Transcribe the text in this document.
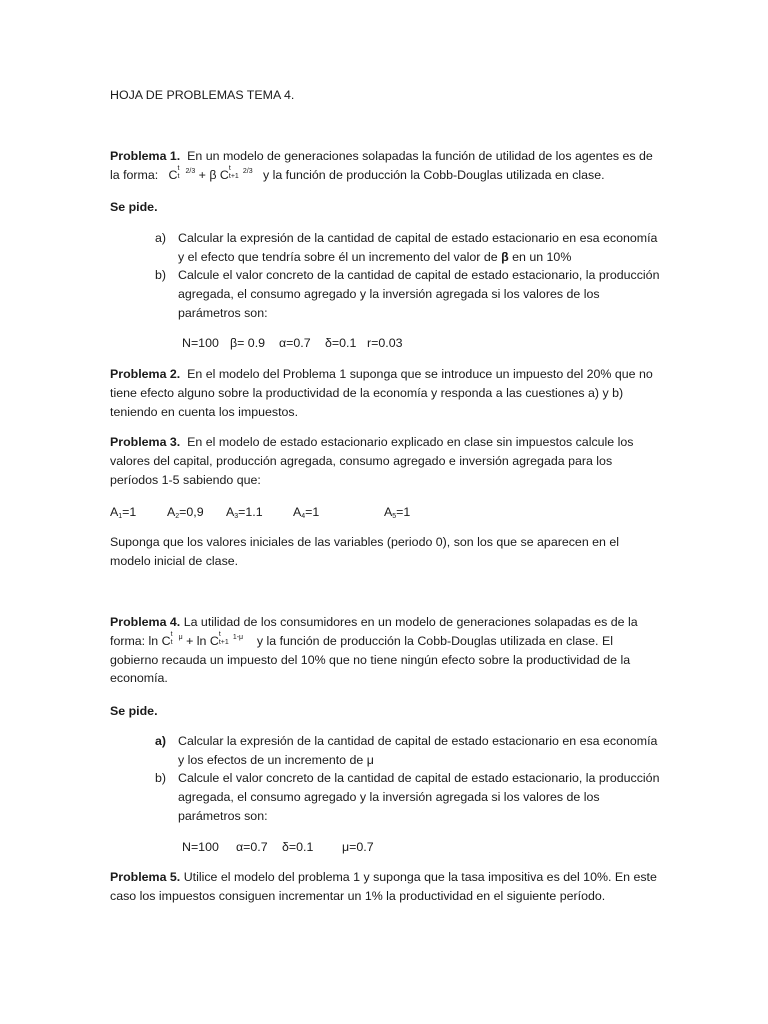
HOJA DE PROBLEMAS TEMA 4.

Problema 1. En un modelo de generaciones solapadas la función de utilidad de los agentes es de la forma: C t
t
$^{2/3}$ + β C t
t+1
$^{2/3}$ y la función de producción la Cobb-Douglas utilizada en clase.

Se pide.

a) Calcular la expresión de la cantidad de capital de estado estacionario en esa economía y el efecto que tendría sobre él un incremento del valor de β en un 10%
b) Calcule el valor concreto de la cantidad de capital de estado estacionario, la producción agregada, el consumo agregado y la inversión agregada si los valores de los parámetros son:
N=100 β= 0.9 α=0.7 δ=0.1 r=0.03

Problema 2. En el modelo del Problema 1 suponga que se introduce un impuesto del 20% que no tiene efecto alguno sobre la productividad de la economía y responda a las cuestiones a) y b) teniendo en cuenta los impuestos.

Problema 3. En el modelo de estado estacionario explicado en clase sin impuestos calcule los valores del capital, producción agregada, consumo agregado e inversión agregada para los períodos 1-5 sabiendo que:

$A_1=1$ $A_2=0,9$ $A_3=1.1$ $A_4=1$	$A_5=1$

Suponga que los valores iniciales de las variables (periodo 0), son los que se aparecen en el modelo inicial de clase.

Problema 4. La utilidad de los consumidores en un modelo de generaciones solapadas es de la forma: ln C t
t
$^\mu$ + ln C t
t+1
$^{1-\mu}$ y la función de producción la Cobb-Douglas utilizada en clase. El gobierno recauda un impuesto del 10% que no tiene ningún efecto sobre la productividad de la economía.

Se pide.

a) Calcular la expresión de la cantidad de capital de estado estacionario en esa economía y los efectos de un incremento de μ
b) Calcule el valor concreto de la cantidad de capital de estado estacionario, la producción agregada, el consumo agregado y la inversión agregada si los valores de los parámetros son:
N=100 α=0.7 δ=0.1 μ=0.7

Problema 5. Utilice el modelo del problema 1 y suponga que la tasa impositiva es del 10%. En este caso los impuestos consiguen incrementar un 1% la productividad en el siguiente período.
